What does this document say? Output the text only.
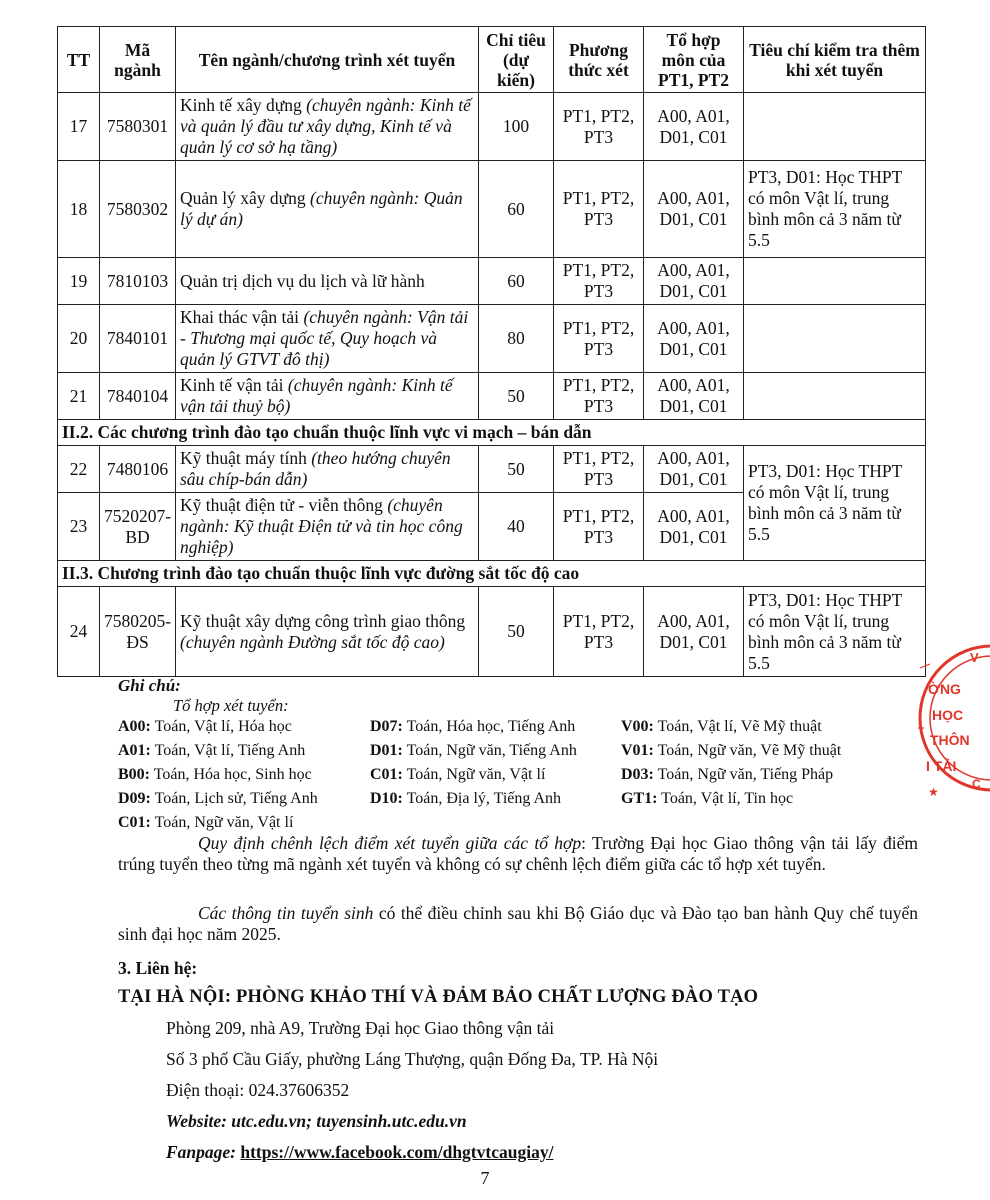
TT	Mã ngành	Tên ngành/chương trình xét tuyển	Chỉ tiêu (dự kiến)	Phương thức xét	Tổ hợp môn của PT1, PT2	Tiêu chí kiểm tra thêm khi xét tuyển
17	7580301	Kinh tế xây dựng (chuyên ngành: Kinh tế và quản lý đầu tư xây dựng, Kinh tế và quản lý cơ sở hạ tầng)	100	PT1, PT2, PT3	A00, A01, D01, C01	
18	7580302	Quản lý xây dựng (chuyên ngành: Quản lý dự án)	60	PT1, PT2, PT3	A00, A01, D01, C01	PT3, D01: Học THPT có môn Vật lí, trung bình môn cả 3 năm từ 5.5
19	7810103	Quản trị dịch vụ du lịch và lữ hành	60	PT1, PT2, PT3	A00, A01, D01, C01	
20	7840101	Khai thác vận tải (chuyên ngành: Vận tải - Thương mại quốc tế, Quy hoạch và quản lý GTVT đô thị)	80	PT1, PT2, PT3	A00, A01, D01, C01	
21	7840104	Kinh tế vận tải (chuyên ngành: Kinh tế vận tải thuỷ bộ)	50	PT1, PT2, PT3	A00, A01, D01, C01	
II.2. Các chương trình đào tạo chuẩn thuộc lĩnh vực vi mạch – bán dẫn						
22	7480106	Kỹ thuật máy tính (theo hướng chuyên sâu chíp-bán dẫn)	50	PT1, PT2, PT3	A00, A01, D01, C01	PT3, D01: Học THPT có môn Vật lí, trung bình môn cả 3 năm từ 5.5
23	7520207-BD	Kỹ thuật điện tử - viễn thông (chuyên ngành: Kỹ thuật Điện tử và tin học công nghiệp)	40	PT1, PT2, PT3	A00, A01, D01, C01	
II.3. Chương trình đào tạo chuẩn thuộc lĩnh vực đường sắt tốc độ cao						
24	7580205-ĐS	Kỹ thuật xây dựng công trình giao thông (chuyên ngành Đường sắt tốc độ cao)	50	PT1, PT2, PT3	A00, A01, D01, C01	PT3, D01: Học THPT có môn Vật lí, trung bình môn cả 3 năm từ 5.5
Ghi chú:
Tổ hợp xét tuyển:
A00: Toán, Vật lí, Hóa học	D07: Toán, Hóa học, Tiếng Anh	V00: Toán, Vật lí, Vẽ Mỹ thuật
A01: Toán, Vật lí, Tiếng Anh	D01: Toán, Ngữ văn, Tiếng Anh	V01: Toán, Ngữ văn, Vẽ Mỹ thuật
B00: Toán, Hóa học, Sinh học	C01: Toán, Ngữ văn, Vật lí	D03: Toán, Ngữ văn, Tiếng Pháp
D09: Toán, Lịch sử, Tiếng Anh	D10: Toán, Địa lý, Tiếng Anh	GT1: Toán, Vật lí, Tin học
C01: Toán, Ngữ văn, Vật lí
Quy định chênh lệch điểm xét tuyển giữa các tổ hợp: Trường Đại học Giao thông vận tải lấy điểm trúng tuyển theo từng mã ngành xét tuyển và không có sự chênh lệch điểm giữa các tổ hợp xét tuyển.
Các thông tin tuyển sinh có thể điều chỉnh sau khi Bộ Giáo dục và Đào tạo ban hành Quy chế tuyển sinh đại học năm 2025.
3. Liên hệ:
TẠI HÀ NỘI: PHÒNG KHẢO THÍ VÀ ĐẢM BẢO CHẤT LƯỢNG ĐÀO TẠO
Phòng 209, nhà A9, Trường Đại học Giao thông vận tải
Số 3 phố Cầu Giấy, phường Láng Thượng, quận Đống Đa, TP. Hà Nội
Điện thoại: 024.37606352
Website: utc.edu.vn; tuyensinh.utc.edu.vn
Fanpage: https://www.facebook.com/dhgtvtcaugiay/
7
V
ỜNG
HỌC
THÔN
I TẢI
C
★
